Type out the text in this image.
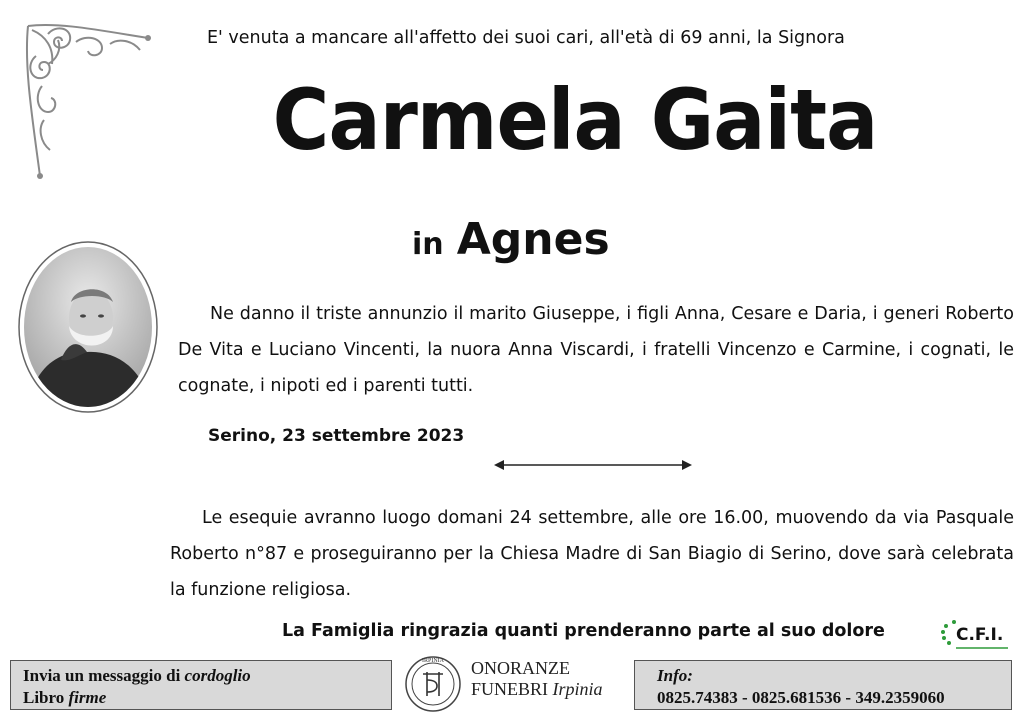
E' venuta a mancare all'affetto dei suoi cari, all'età di 69 anni, la Signora
Carmela Gaita
in Agnes
Ne danno il triste annunzio il marito Giuseppe, i figli Anna, Cesare e Daria, i generi Roberto De Vita e Luciano Vincenti, la nuora Anna Viscardi, i fratelli Vincenzo e Carmine, i cognati, le cognate, i nipoti ed i parenti tutti.
Serino, 23 settembre 2023
Le esequie avranno luogo domani 24 settembre, alle ore 16.00, muovendo da via Pasquale Roberto n°87 e proseguiranno per la Chiesa Madre di San Biagio di Serino, dove sarà celebrata la funzione religiosa.
La Famiglia ringrazia quanti prenderanno parte al suo dolore	C.F.I.
Invia un messaggio di cordoglio
Libro firme
IRPINIA ONORANZE
FUNEBRI Irpinia
Info:
0825.74383 - 0825.681536 - 349.2359060
